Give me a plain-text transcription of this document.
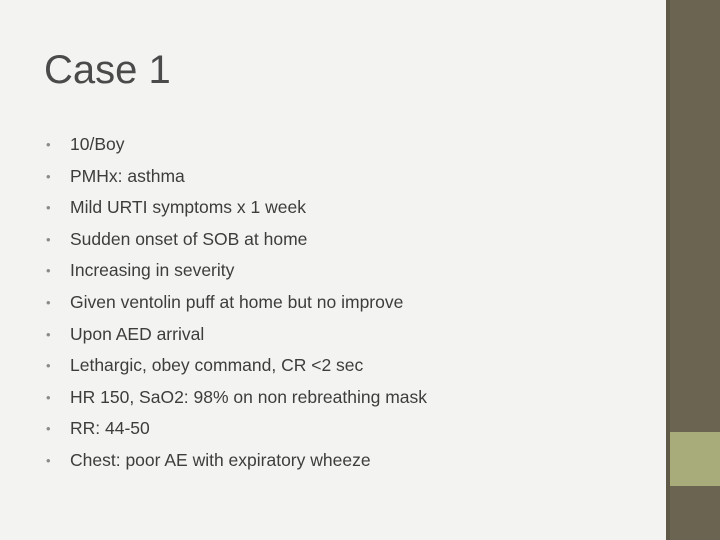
Case 1
•	10/Boy
•	PMHx: asthma
•	Mild URTI symptoms x 1 week
•	Sudden onset of SOB at home
•	Increasing in severity
•	Given ventolin puff at home but no improve
•	Upon AED arrival
•	Lethargic, obey command, CR <2 sec
•	HR 150, SaO2: 98% on non rebreathing mask
•	RR: 44-50
•	Chest: poor AE with expiratory wheeze
